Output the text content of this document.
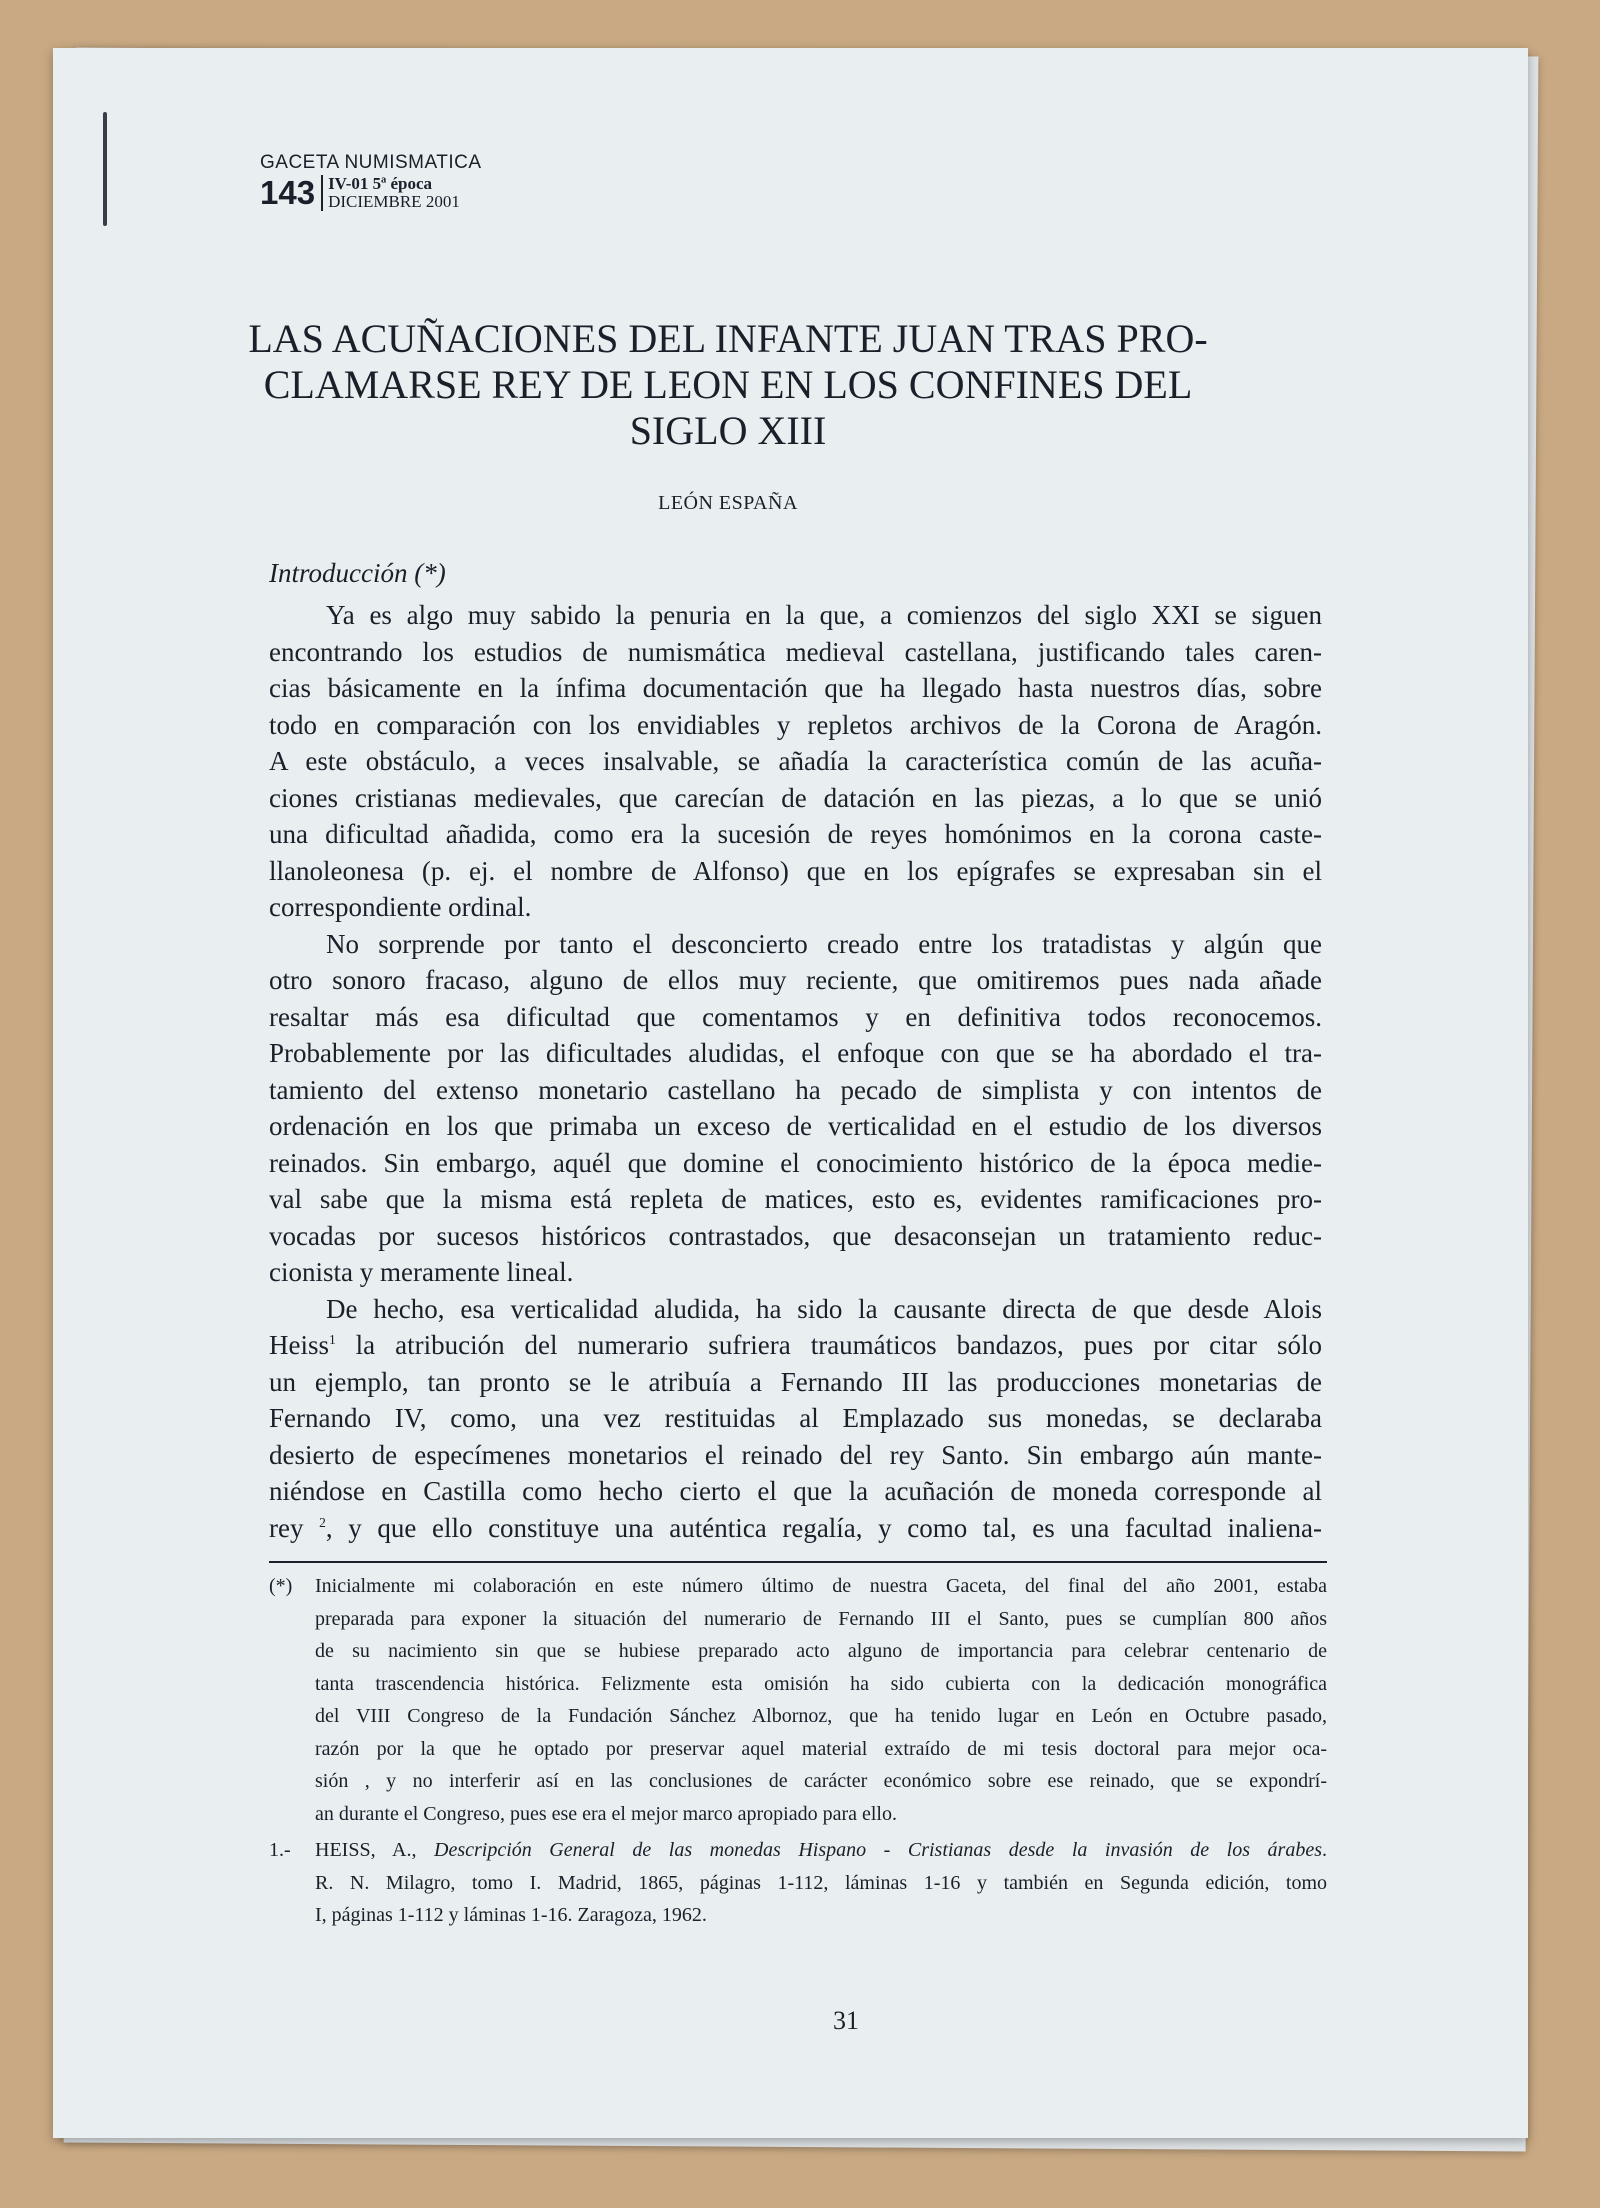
GACETA NUMISMATICA
143 IV-01 5ª época
DICIEMBRE 2001
LAS ACUÑACIONES DEL INFANTE JUAN TRAS PRO-
CLAMARSE REY DE LEON EN LOS CONFINES DEL
SIGLO XIII
LEÓN ESPAÑA
Introducción (*)

Ya es algo muy sabido la penuria en la que, a comienzos del siglo XXI se siguen
encontrando los estudios de numismática medieval castellana, justificando tales caren-
cias básicamente en la ínfima documentación que ha llegado hasta nuestros días, sobre
todo en comparación con los envidiables y repletos archivos de la Corona de Aragón.
A este obstáculo, a veces insalvable, se añadía la característica común de las acuña-
ciones cristianas medievales, que carecían de datación en las piezas, a lo que se unió
una dificultad añadida, como era la sucesión de reyes homónimos en la corona caste-
llanoleonesa (p. ej. el nombre de Alfonso) que en los epígrafes se expresaban sin el
correspondiente ordinal.

No sorprende por tanto el desconcierto creado entre los tratadistas y algún que
otro sonoro fracaso, alguno de ellos muy reciente, que omitiremos pues nada añade
resaltar más esa dificultad que comentamos y en definitiva todos reconocemos.
Probablemente por las dificultades aludidas, el enfoque con que se ha abordado el tra-
tamiento del extenso monetario castellano ha pecado de simplista y con intentos de
ordenación en los que primaba un exceso de verticalidad en el estudio de los diversos
reinados. Sin embargo, aquél que domine el conocimiento histórico de la época medie-
val sabe que la misma está repleta de matices, esto es, evidentes ramificaciones pro-
vocadas por sucesos históricos contrastados, que desaconsejan un tratamiento reduc-
cionista y meramente lineal.

De hecho, esa verticalidad aludida, ha sido la causante directa de que desde Alois
Heiss$^1$ la atribución del numerario sufriera traumáticos bandazos, pues por citar sólo
un ejemplo, tan pronto se le atribuía a Fernando III las producciones monetarias de
Fernando IV, como, una vez restituidas al Emplazado sus monedas, se declaraba
desierto de especímenes monetarios el reinado del rey Santo. Sin embargo aún mante-
niéndose en Castilla como hecho cierto el que la acuñación de moneda corresponde al
rey $^2$, y que ello constituye una auténtica regalía, y como tal, es una facultad inaliena-

(*)	Inicialmente mi colaboración en este número último de nuestra Gaceta, del final del año 2001, estaba
preparada para exponer la situación del numerario de Fernando III el Santo, pues se cumplían 800 años
de su nacimiento sin que se hubiese preparado acto alguno de importancia para celebrar centenario de
tanta trascendencia histórica. Felizmente esta omisión ha sido cubierta con la dedicación monográfica
del VIII Congreso de la Fundación Sánchez Albornoz, que ha tenido lugar en León en Octubre pasado,
razón por la que he optado por preservar aquel material extraído de mi tesis doctoral para mejor oca-
sión , y no interferir así en las conclusiones de carácter económico sobre ese reinado, que se expondrí-
an durante el Congreso, pues ese era el mejor marco apropiado para ello.
1.-	HEISS, A., Descripción General de las monedas Hispano - Cristianas desde la invasión de los árabes.
R. N. Milagro, tomo I. Madrid, 1865, páginas 1-112, láminas 1-16 y también en Segunda edición, tomo
I, páginas 1-112 y láminas 1-16. Zaragoza, 1962.
31
